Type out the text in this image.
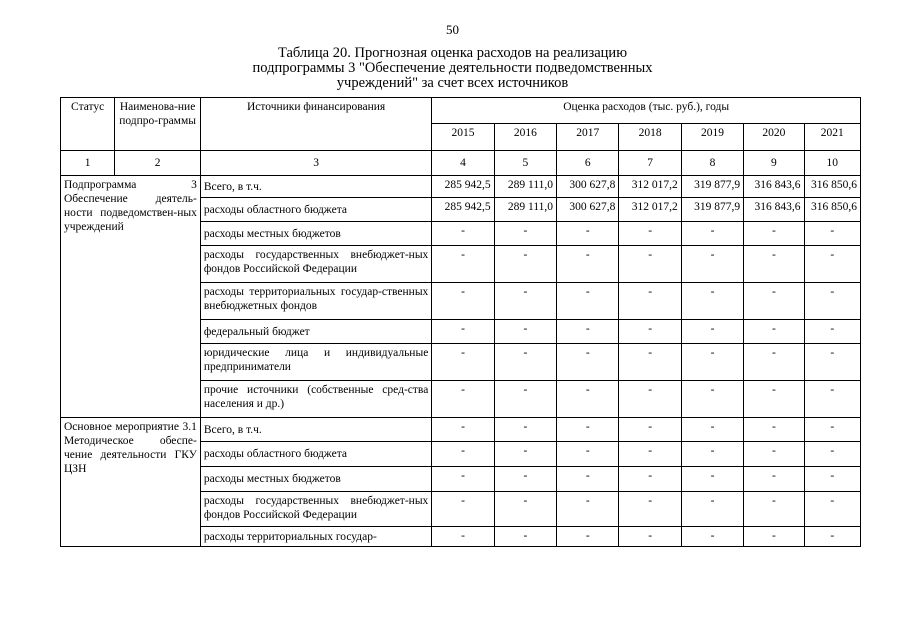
50
Таблица 20. Прогнозная оценка расходов на реализацию
подпрограммы 3 "Обеспечение деятельности подведомственных
учреждений" за счет всех источников
Статус	Наименова-ние подпро-граммы	Источники финансирования	Оценка расходов (тыс. руб.), годы						
			2015	2016	2017	2018	2019	2020	2021
1	2	3	4	5	6	7	8	9	10
Подпрограмма 3 Обеспечение деятель-ности подведомствен-ных учреждений		Всего, в т.ч.	285 942,5	289 111,0	300 627,8	312 017,2	319 877,9	316 843,6	316 850,6
		расходы областного бюджета	285 942,5	289 111,0	300 627,8	312 017,2	319 877,9	316 843,6	316 850,6
		расходы местных бюджетов	-	-	-	-	-	-	-
		расходы государственных внебюджет-ных фондов Российской Федерации	-	-	-	-	-	-	-
		расходы территориальных государ-ственных внебюджетных фондов	-	-	-	-	-	-	-
		федеральный бюджет	-	-	-	-	-	-	-
		юридические лица и индивидуальные предприниматели	-	-	-	-	-	-	-
		прочие источники (собственные сред-ства населения и др.)	-	-	-	-	-	-	-
Основное мероприятие 3.1 Методическое обеспе-чение деятельности ГКУ ЦЗН		Всего, в т.ч.	-	-	-	-	-	-	-
		расходы областного бюджета	-	-	-	-	-	-	-
		расходы местных бюджетов	-	-	-	-	-	-	-
		расходы государственных внебюджет-ных фондов Российской Федерации	-	-	-	-	-	-	-
		расходы территориальных государ-	-	-	-	-	-	-	-
